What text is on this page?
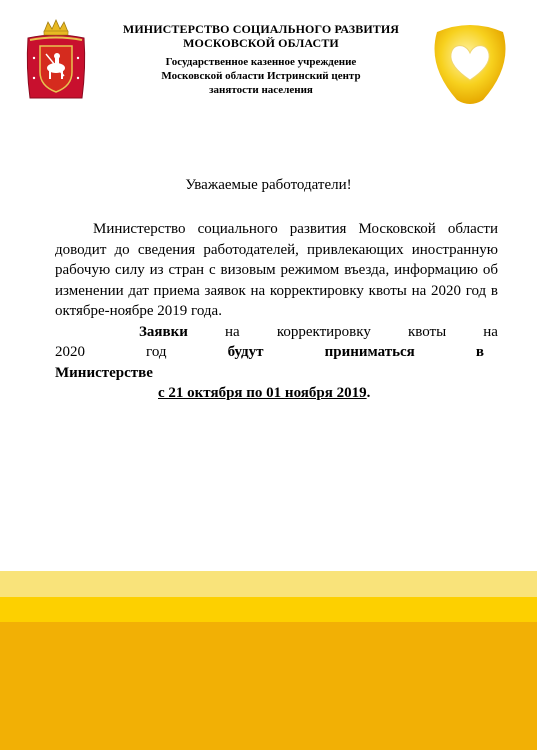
МИНИСТЕРСТВО СОЦИАЛЬНОГО РАЗВИТИЯ
МОСКОВСКОЙ ОБЛАСТИ
Государственное казенное учреждение
Московской области Истринский центр
занятости населения
Уважаемые работодатели!

Министерство социального развития Московской области доводит до сведения работодателей, привлекающих иностранную рабочую силу из стран с визовым режимом въезда, информацию об изменении дат приема заявок на корректировку квоты на 2020 год в октябре-ноябре 2019 года.

Заявки на корректировку квоты на
2020	год	будут	приниматься	в
Министерстве

с 21 октября по 01 ноября 2019.
